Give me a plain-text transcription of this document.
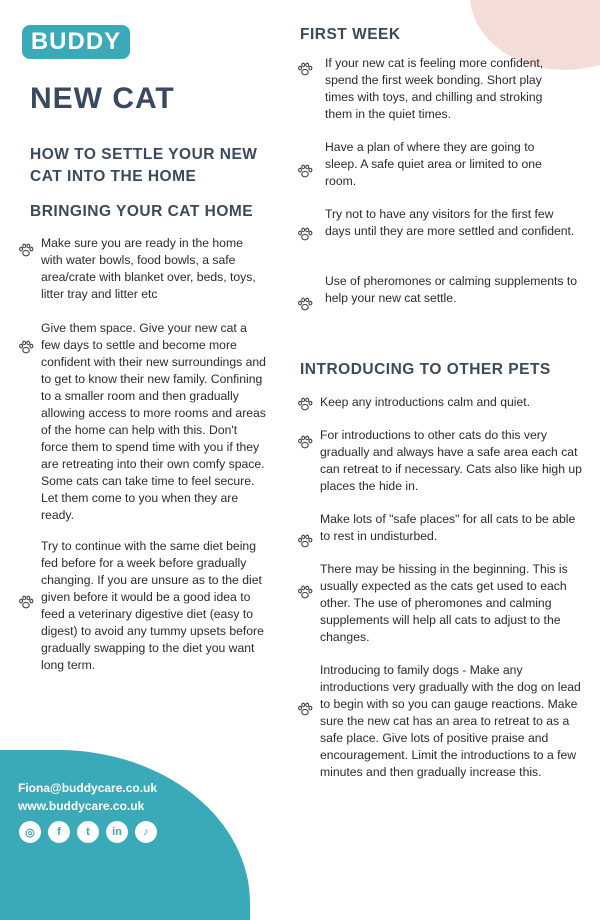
BUDDY
NEW CAT
HOW TO SETTLE YOUR NEW CAT INTO THE HOME
BRINGING YOUR CAT HOME

Make sure you are ready in the home with water bowls, food bowls, a safe area/crate with blanket over, beds, toys, litter tray and litter etc

Give them space. Give your new cat a few days to settle and become more confident with their new surroundings and to get to know their new family. Confining to a smaller room and then gradually allowing access to more rooms and areas of the home can help with this. Don't force them to spend time with you if they are retreating into their own comfy space. Some cats can take time to feel secure. Let them come to you when they are ready.

Try to continue with the same diet being fed before for a week before gradually changing. If you are unsure as to the diet given before it would be a good idea to feed a veterinary digestive diet (easy to digest) to avoid any tummy upsets before gradually swapping to the diet you want long term.

FIRST WEEK

If your new cat is feeling more confident, spend the first week bonding. Short play times with toys, and chilling and stroking them in the quiet times.

Have a plan of where they are going to sleep. A safe quiet area or limited to one room.

Try not to have any visitors for the first few days until they are more settled and confident.

Use of pheromones or calming supplements to help your new cat settle.

INTRODUCING TO OTHER PETS

Keep any introductions calm and quiet.

For introductions to other cats do this very gradually and always have a safe area each cat can retreat to if necessary. Cats also like high up places the hide in.

Make lots of "safe places" for all cats to be able to rest in undisturbed.

There may be hissing in the beginning. This is usually expected as the cats get used to each other. The use of pheromones and calming supplements will help all cats to adjust to the changes.

Introducing to family dogs - Make any introductions very gradually with the dog on lead to begin with so you can gauge reactions. Make sure the new cat has an area to retreat to as a safe place. Give lots of positive praise and encouragement. Limit the introductions to a few minutes and then gradually increase this.

Fiona@buddycare.co.uk
www.buddycare.co.uk
◎	f	t	in	♪
